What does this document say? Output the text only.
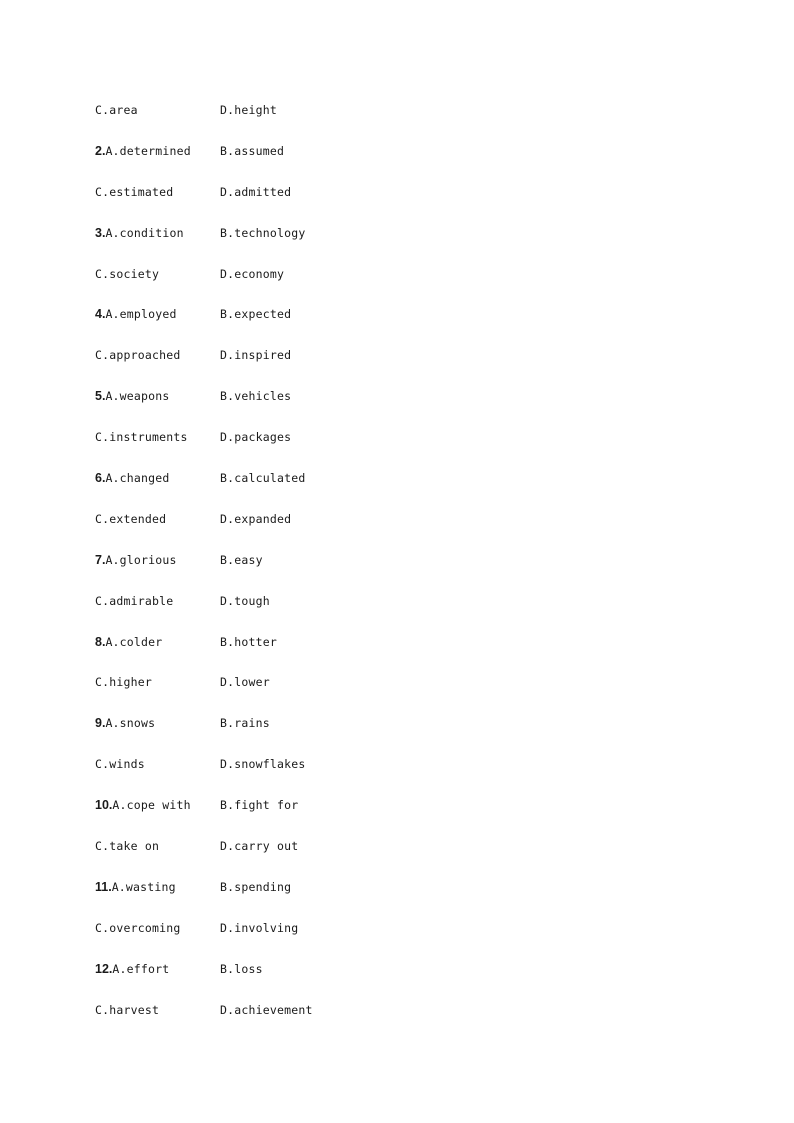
C.area	D.height
2.A.determined	B.assumed
C.estimated	D.admitted
3.A.condition	B.technology
C.society	D.economy
4.A.employed	B.expected
C.approached	D.inspired
5.A.weapons	B.vehicles
C.instruments	D.packages
6.A.changed	B.calculated
C.extended	D.expanded
7.A.glorious	B.easy
C.admirable	D.tough
8.A.colder	B.hotter
C.higher	D.lower
9.A.snows	B.rains
C.winds	D.snowflakes
10.A.cope with	B.fight for
C.take on	D.carry out
11.A.wasting	B.spending
C.overcoming	D.involving
12.A.effort	B.loss
C.harvest	D.achievement
